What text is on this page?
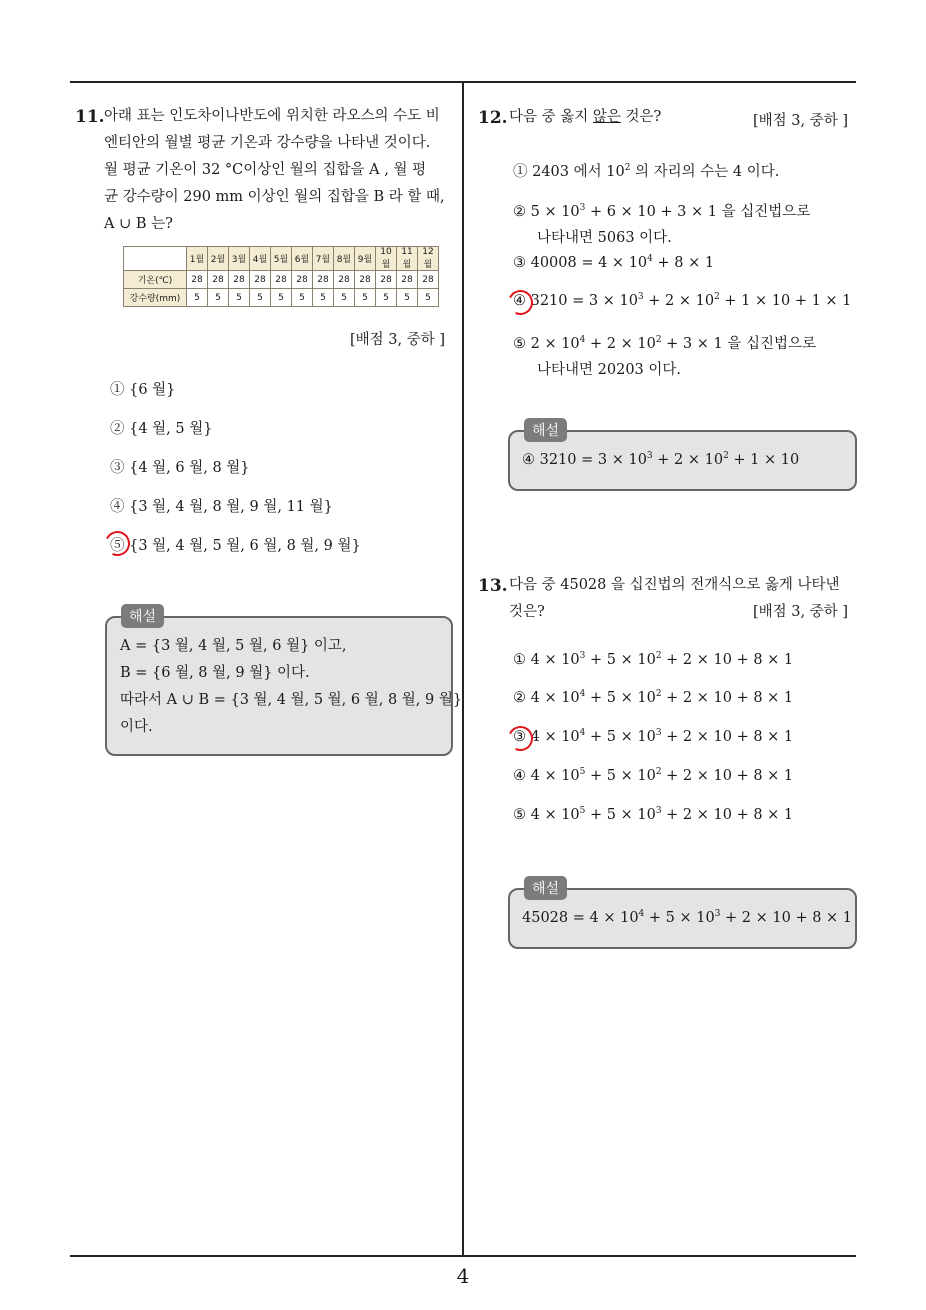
11. 아래 표는 인도차이나반도에 위치한 라오스의 수도 비
엔티안의 월별 평균 기온과 강수량을 나타낸 것이다.
월 평균 기온이 32 °C이상인 월의 집합을 A , 월 평
균 강수량이 290 mm 이상인 월의 집합을 B 라 할 때,
A ∪ B 는?
	1월	2월	3월	4월	5월	6월	7월	8월	9월	10월	11월	12월
기온(℃)	28	28	28	28	28	28	28	28	28	28	28	28
강수량(mm)	5	5	5	5	5	5	5	5	5	5	5	5
[배점 3, 중하 ]
① {6 월}
② {4 월, 5 월}
③ {4 월, 6 월, 8 월}
④ {3 월, 4 월, 8 월, 9 월, 11 월}
⑤ {3 월, 4 월, 5 월, 6 월, 8 월, 9 월}
해설
A = {3 월, 4 월, 5 월, 6 월} 이고,
B = {6 월, 8 월, 9 월} 이다.
따라서 A ∪ B = {3 월, 4 월, 5 월, 6 월, 8 월, 9 월}
이다.
12. 다음 중 옳지 않은 것은?	[배점 3, 중하 ]
① 2403 에서 $10^2$ 의 자리의 수는 4 이다.
② $5 \times 10^3 + 6 \times 10 + 3 \times 1$ 을 십진법으로
나타내면 5063 이다.
③ $40008 = 4 \times 10^4 + 8 \times 1$
④ $3210 = 3 \times 10^3 + 2 \times 10^2 + 1 \times 10 + 1 \times 1$
⑤ $2 \times 10^4 + 2 \times 10^2 + 3 \times 1$ 을 십진법으로
나타내면 20203 이다.
해설
④ $3210 = 3 \times 10^3 + 2 \times 10^2 + 1 \times 10$
13. 다음 중 45028 을 십진법의 전개식으로 옳게 나타낸
것은?	[배점 3, 중하 ]
① $4 \times 10^3 + 5 \times 10^2 + 2 \times 10 + 8 \times 1$
② $4 \times 10^4 + 5 \times 10^2 + 2 \times 10 + 8 \times 1$
③ $4 \times 10^4 + 5 \times 10^3 + 2 \times 10 + 8 \times 1$
④ $4 \times 10^5 + 5 \times 10^2 + 2 \times 10 + 8 \times 1$
⑤ $4 \times 10^5 + 5 \times 10^3 + 2 \times 10 + 8 \times 1$
해설
$45028 = 4 \times 10^4 + 5 \times 10^3 + 2 \times 10 + 8 \times 1$
4
